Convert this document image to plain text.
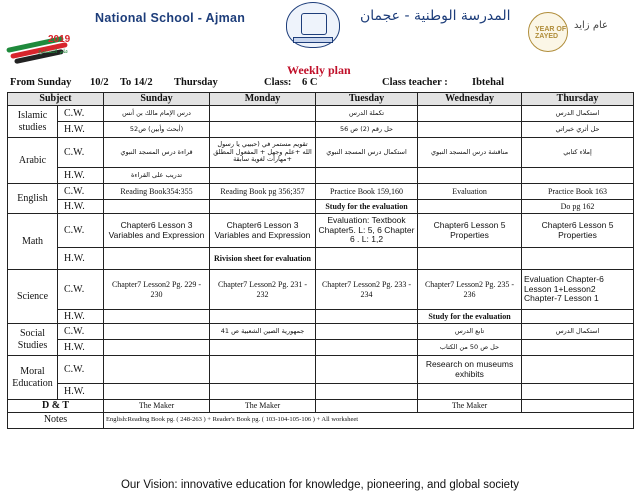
2019
عام التسامح
National School - Ajman	المدرسة الوطنية - عجمان
YEAR OF ZAYED
عام زايد
Weekly plan
From Sunday 10/2 To 14/2 Thursday	Class: 6 C	Class teacher : Ibtehal
Subject		Sunday	Monday	Tuesday	Wednesday	Thursday
Islamic studies	C.W.	درس الإمام مالك بن أنس		تكملة الدرس		استكمال الدرس
	H.W.	(أبحث وأبين) ص52		حل رقم (2) ص 56		حل أثري خبراتي
Arabic	C.W.	قراءة درس المسجد النبوي	تقويم مستمر في (حبيبي يا رسول الله +علم وجهل + المفعول المطلق +مهارات لغوية سابقة	استكمال درس المسجد النبوي	مناقشة درس المسجد النبوي	إملاء كتابي
	H.W.	تدريب على القراءة				
English	C.W.	Reading Book354:355	Reading Book pg 356;357	Practice Book 159,160	Evaluation	Practice Book 163
	H.W.			Study for the evaluation		Do pg 162
Math	C.W.	Chapter6 Lesson 3 Variables and Expression	Chapter6 Lesson 3 Variables and Expression	Evaluation: Textbook Chapter5. L: 5, 6 Chapter 6 . L: 1,2	Chapter6 Lesson 5 Properties	Chapter6 Lesson 5 Properties
	H.W.		Rivision sheet for evaluation			
Science	C.W.	Chapter7 Lesson2 Pg. 229 - 230	Chapter7 Lesson2 Pg. 231 - 232	Chapter7 Lesson2 Pg. 233 - 234	Chapter7 Lesson2 Pg. 235 - 236	Evaluation Chapter-6 Lesson 1+Lesson2 Chapter-7 Lesson 1
	H.W.				Study for the evaluation	
Social Studies	C.W.		جمهورية الصين الشعبية ص 41		تابع الدرس	استكمال الدرس
	H.W.				حل ص 50 من الكتاب	
Moral Education	C.W.				Research on museums exhibits	
	H.W.					
D & T		The Maker	The Maker		The Maker	
Notes		English:Reading Book pg. ( 248-263 ) + Reader's Book pg. ( 103-104-105-106 ) + All worksheet				
Our Vision: innovative education for knowledge, pioneering, and global society
